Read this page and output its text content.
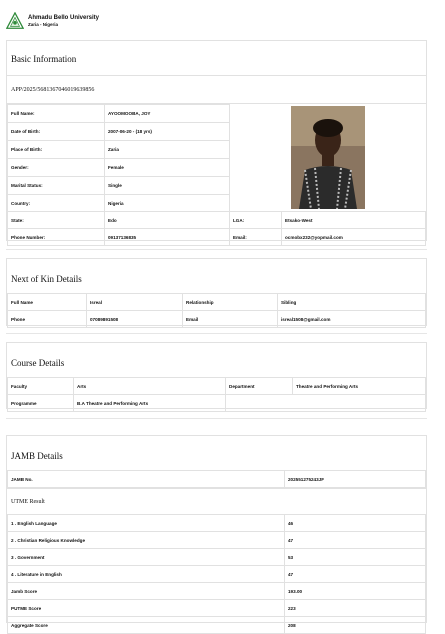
Ahmadu Bello University
Zaria - Nigeria
Basic Information
APP/2025/5681367046019639856
Full Name:	AYOOMOOBA, JOY
Date of Birth:	2007-06-20 - (18 yrs)
Place of Birth:	Zaria
Gender:	Female
Marital Status:	Single
Country:	Nigeria
State:	Edo	LGA:	Etsako-West
Phone Number:	09137136835	Email:	ocmobx232@yopmail.com
Next of Kin Details
Full Name	Isreal	Relationship	Sibling
Phone	07089891508	Email	isreal1508@gmail.com
Course Details
Faculty	Arts	Department	Theatre and Performing Arts
Programme	B.A Theatre and Performing Arts		
JAMB Details
JAMB No.	202551275243JF
UTME Result
1 . English Language	46
2 . Christian Religious Knowledge	47
3 . Government	53
4 . Literature in English	47
Jamb Score	193.00
PUTME Score	223
Aggregate Score	208
